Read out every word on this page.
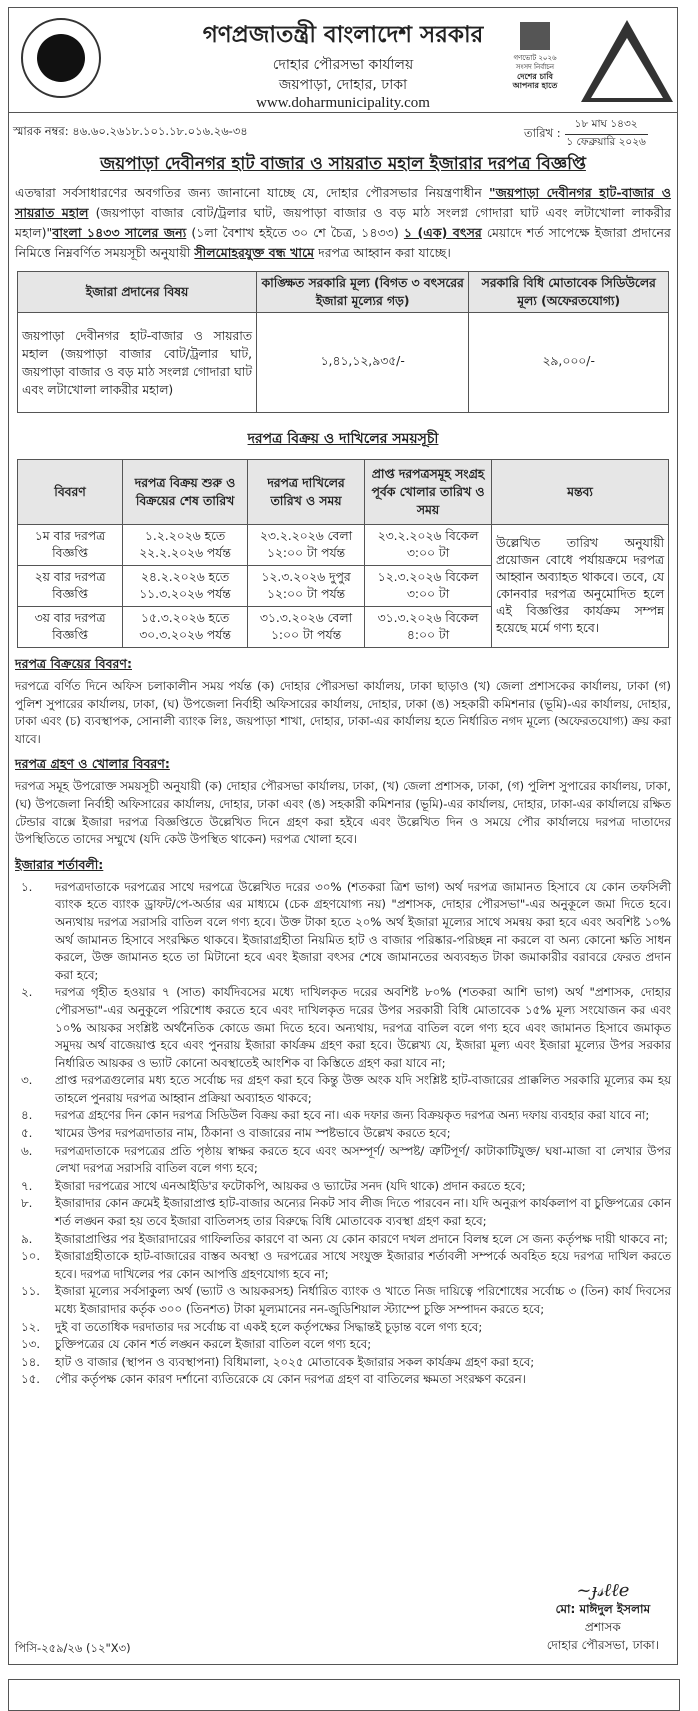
গণপ্রজাতন্ত্রী বাংলাদেশ সরকার
দোহার পৌরসভা কার্যালয়
জয়পাড়া, দোহার, ঢাকা
www.doharmunicipality.com
গণভোট ২০২৬
সংসদ নির্বাচন
দেশের চাবি
আপনার হাতে
স্মারক নম্বর: ৪৬.৬০.২৬১৮.১০১.১৮.০১৬.২৬-৩৪	তারিখ :
১৮ মাঘ ১৪৩২
১ ফেব্রুয়ারি ২০২৬
জয়পাড়া দেবীনগর হাট বাজার ও সায়রাত মহাল ইজারার দরপত্র বিজ্ঞপ্তি
এতদ্বারা সর্বসাধারণের অবগতির জন্য জানানো যাচ্ছে যে, দোহার পৌরসভার নিয়ন্ত্রণাধীন "জয়পাড়া দেবীনগর হাট-বাজার ও সায়রাত মহাল (জয়পাড়া বাজার বোট/ট্রলার ঘাট, জয়পাড়া বাজার ও বড় মাঠ সংলগ্ন গোদারা ঘাট এবং লটাখোলা লাকরীর মহাল)"বাংলা ১৪৩৩ সালের জন্য (১লা বৈশাখ হইতে ৩০ শে চৈত্র, ১৪৩৩) ১ (এক) বৎসর মেয়াদে শর্ত সাপেক্ষে ইজারা প্রদানের নিমিত্তে নিম্নবর্ণিত সময়সূচী অনুযায়ী সীলমোহরযুক্ত বন্ধ খামে দরপত্র আহ্বান করা যাচ্ছে।
ইজারা প্রদানের বিষয়	কাঙ্ক্ষিত সরকারি মূল্য (বিগত ৩ বৎসরের ইজারা মূল্যের গড়)	সরকারি বিধি মোতাবেক সিডিউলের মূল্য (অফেরতযোগ্য)
জয়পাড়া দেবীনগর হাট-বাজার ও সায়রাত মহাল (জয়পাড়া বাজার বোট/ট্রলার ঘাট, জয়পাড়া বাজার ও বড় মাঠ সংলগ্ন গোদারা ঘাট এবং লটাখোলা লাকরীর মহাল)	১,৪১,১২,৯৩৫/-	২৯,০০০/-
দরপত্র বিক্রয় ও দাখিলের সময়সূচী
বিবরণ	দরপত্র বিক্রয় শুরু ও বিক্রয়ের শেষ তারিখ	দরপত্র দাখিলের তারিখ ও সময়	প্রাপ্ত দরপত্রসমূহ সংগ্রহ পূর্বক খোলার তারিখ ও সময়	মন্তব্য
১ম বার দরপত্র বিজ্ঞপ্তি	১.২.২০২৬ হতে ২২.২.২০২৬ পর্যন্ত	২৩.২.২০২৬ বেলা ১২:০০ টা পর্যন্ত	২৩.২.২০২৬ বিকেল ৩:০০ টা	উল্লেখিত তারিখ অনুযায়ী প্রয়োজন বোধে পর্যায়ক্রমে দরপত্র আহ্বান অব্যাহত থাকবে। তবে, যে কোনবার দরপত্র অনুমোদিত হলে এই বিজ্ঞপ্তির কার্যক্রম সম্পন্ন হয়েছে মর্মে গণ্য হবে।
২য় বার দরপত্র বিজ্ঞপ্তি	২৪.২.২০২৬ হতে ১১.৩.২০২৬ পর্যন্ত	১২.৩.২০২৬ দুপুর ১২:০০ টা পর্যন্ত	১২.৩.২০২৬ বিকেল ৩:০০ টা	
৩য় বার দরপত্র বিজ্ঞপ্তি	১৫.৩.২০২৬ হতে ৩০.৩.২০২৬ পর্যন্ত	৩১.৩.২০২৬ বেলা ১:০০ টা পর্যন্ত	৩১.৩.২০২৬ বিকেল ৪:০০ টা	
দরপত্র বিক্রয়ের বিবরণ:
দরপত্রে বর্ণিত দিনে অফিস চলাকালীন সময় পর্যন্ত (ক) দোহার পৌরসভা কার্যালয়, ঢাকা ছাড়াও (খ) জেলা প্রশাসকের কার্যালয়, ঢাকা (গ) পুলিশ সুপারের কার্যালয়, ঢাকা, (ঘ) উপজেলা নির্বাহী অফিসারের কার্যালয়, দোহার, ঢাকা (ঙ) সহকারী কমিশনার (ভূমি)-এর কার্যালয়, দোহার, ঢাকা এবং (চ) ব্যবস্থাপক, সোনালী ব্যাংক লিঃ, জয়পাড়া শাখা, দোহার, ঢাকা-এর কার্যালয় হতে নির্ধারিত নগদ মূল্যে (অফেরতযোগ্য) ক্রয় করা যাবে।
দরপত্র গ্রহণ ও খোলার বিবরণ:
দরপত্র সমূহ উপরোক্ত সময়সূচী অনুযায়ী (ক) দোহার পৌরসভা কার্যালয়, ঢাকা, (খ) জেলা প্রশাসক, ঢাকা, (গ) পুলিশ সুপারের কার্যালয়, ঢাকা, (ঘ) উপজেলা নির্বাহী অফিসারের কার্যালয়, দোহার, ঢাকা এবং (ঙ) সহকারী কমিশনার (ভূমি)-এর কার্যালয়, দোহার, ঢাকা-এর কার্যালয়ে রক্ষিত টেন্ডার বাক্সে ইজারা দরপত্র বিজ্ঞপ্তিতে উল্লেখিত দিনে গ্রহণ করা হইবে এবং উল্লেখিত দিন ও সময়ে পৌর কার্যালয়ে দরপত্র দাতাদের উপস্থিতিতে তাদের সম্মুখে (যদি কেউ উপস্থিত থাকেন) দরপত্র খোলা হবে।
ইজারার শর্তাবলী:
১.	দরপত্রদাতাকে দরপত্রের সাথে দরপত্রে উল্লেখিত দরের ৩০% (শতকরা ত্রিশ ভাগ) অর্থ দরপত্র জামানত হিসাবে যে কোন তফসিলী ব্যাংক হতে ব্যাংক ড্রাফট/পে-অর্ডার এর মাধ্যমে (চেক গ্রহণযোগ্য নয়) "প্রশাসক, দোহার পৌরসভা"-এর অনুকূলে জমা দিতে হবে। অন্যথায় দরপত্র সরাসরি বাতিল বলে গণ্য হবে। উক্ত টাকা হতে ২০% অর্থ ইজারা মূল্যের সাথে সমন্বয় করা হবে এবং অবশিষ্ট ১০% অর্থ জামানত হিসাবে সংরক্ষিত থাকবে। ইজারাগ্রহীতা নিয়মিত হাট ও বাজার পরিষ্কার-পরিচ্ছন্ন না করলে বা অন্য কোনো ক্ষতি সাধন করলে, উক্ত জামানত হতে তা মিটানো হবে এবং ইজারা বৎসর শেষে জামানতের অব্যবহৃত টাকা জমাকারীর বরাবরে ফেরত প্রদান করা হবে;
২.	দরপত্র গৃহীত হওয়ার ৭ (সাত) কার্যদিবসের মধ্যে দাখিলকৃত দরের অবশিষ্ট ৮০% (শতকরা আশি ভাগ) অর্থ "প্রশাসক, দোহার পৌরসভা"-এর অনুকূলে পরিশোধ করতে হবে এবং দাখিলকৃত দরের উপর সরকারী বিধি মোতাবেক ১৫% মূল্য সংযোজন কর এবং ১০% আয়কর সংশ্লিষ্ট অর্থনৈতিক কোডে জমা দিতে হবে। অন্যথায়, দরপত্র বাতিল বলে গণ্য হবে এবং জামানত হিসাবে জমাকৃত সমুদয় অর্থ বাজেয়াপ্ত হবে এবং পুনরায় ইজারা কার্যক্রম গ্রহণ করা হবে। উল্লেখ্য যে, ইজারা মূল্য এবং ইজারা মূল্যের উপর সরকার নির্ধারিত আয়কর ও ভ্যাট কোনো অবস্থাতেই আংশিক বা কিস্তিতে গ্রহণ করা যাবে না;
৩.	প্রাপ্ত দরপত্রগুলোর মধ্য হতে সর্বোচ্চ দর গ্রহণ করা হবে কিন্তু উক্ত অংক যদি সংশ্লিষ্ট হাট-বাজারের প্রাক্কলিত সরকারি মূল্যের কম হয় তাহলে পুনরায় দরপত্র আহ্বান প্রক্রিয়া অব্যাহত থাকবে;
৪.	দরপত্র গ্রহণের দিন কোন দরপত্র সিডিউল বিক্রয় করা হবে না। এক দফার জন্য বিক্রয়কৃত দরপত্র অন্য দফায় ব্যবহার করা যাবে না;
৫.	খামের উপর দরপত্রদাতার নাম, ঠিকানা ও বাজারের নাম স্পষ্টভাবে উল্লেখ করতে হবে;
৬.	দরপত্রদাতাকে দরপত্রের প্রতি পৃষ্ঠায় স্বাক্ষর করতে হবে এবং অসম্পূর্ণ/ অস্পষ্ট/ ত্রুটিপূর্ণ/ কাটাকাটিযুক্ত/ ঘষা-মাজা বা লেখার উপর লেখা দরপত্র সরাসরি বাতিল বলে গণ্য হবে;
৭.	ইজারা দরপত্রের সাথে এনআইডি'র ফটোকপি, আয়কর ও ভ্যাটের সনদ (যদি থাকে) প্রদান করতে হবে;
৮.	ইজারাদার কোন ক্রমেই ইজারাপ্রাপ্ত হাট-বাজার অন্যের নিকট সাব লীজ দিতে পারবেন না। যদি অনুরূপ কার্যকলাপ বা চুক্তিপত্রের কোন শর্ত লঙ্ঘন করা হয় তবে ইজারা বাতিলসহ তার বিরুদ্ধে বিধি মোতাবেক ব্যবস্থা গ্রহণ করা হবে;
৯.	ইজারাপ্রাপ্তির পর ইজারাদারের গাফিলতির কারণে বা অন্য যে কোন কারণে দখল প্রদানে বিলম্ব হলে সে জন্য কর্তৃপক্ষ দায়ী থাকবে না;
১০.	ইজারাগ্রহীতাকে হাট-বাজারের বাস্তব অবস্থা ও দরপত্রের সাথে সংযুক্ত ইজারার শর্তাবলী সম্পর্কে অবহিত হয়ে দরপত্র দাখিল করতে হবে। দরপত্র দাখিলের পর কোন আপত্তি গ্রহণযোগ্য হবে না;
১১.	ইজারা মূল্যের সর্বসাকুল্য অর্থ (ভ্যাট ও আয়করসহ) নির্ধারিত ব্যাংক ও খাতে নিজ দায়িত্বে পরিশোধের সর্বোচ্চ ৩ (তিন) কার্য দিবসের মধ্যে ইজারাদার কর্তৃক ৩০০ (তিনশত) টাকা মূল্যমানের নন-জুডিশিয়াল স্ট্যাম্পে চুক্তি সম্পাদন করতে হবে;
১২.	দুই বা ততোধিক দরদাতার দর সর্বোচ্চ বা একই হলে কর্তৃপক্ষের সিদ্ধান্তই চূড়ান্ত বলে গণ্য হবে;
১৩.	চুক্তিপত্রের যে কোন শর্ত লঙ্ঘন করলে ইজারা বাতিল বলে গণ্য হবে;
১৪.	হাট ও বাজার (স্থাপন ও ব্যবস্থাপনা) বিধিমালা, ২০২৫ মোতাবেক ইজারার সকল কার্যক্রম গ্রহণ করা হবে;
১৫.	পৌর কর্তৃপক্ষ কোন কারণ দর্শানো ব্যতিরেকে যে কোন দরপত্র গ্রহণ বা বাতিলের ক্ষমতা সংরক্ষণ করেন।
~ɟ𝓈ℓℓe
মো: মাঈদুল ইসলাম
প্রশাসক
দোহার পৌরসভা, ঢাকা।
পিসি-২৫৯/২৬ (১২"X৩)
